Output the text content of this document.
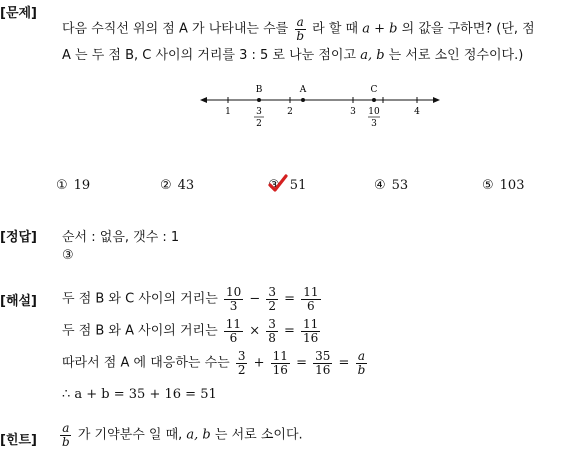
[문제]
다음 수직선 위의 점 A 가 나타내는 수를 $\frac{a}{b}$ 라 할 때 a + b 의 값을 구하면? (단, 점
A 는 두 점 B, C 사이의 거리를 3 : 5 로 나눈 점이고 a, b 는 서로 소인 정수이다.)
B	A	C
1	2	3	4
3
2
10
3
① 19	② 43	③ 51	④ 53	⑤ 103
[정답] 순서 : 없음, 갯수 : 1
③
[해설] 두 점 B 와 C 사이의 거리는 $\frac{10}{3} - \frac{3}{2} = \frac{11}{6}$
두 점 B 와 A 사이의 거리는 $\frac{11}{6} \times \frac{3}{8} = \frac{11}{16}$
따라서 점 A 에 대응하는 수는 $\frac{3}{2} + \frac{11}{16} = \frac{35}{16} = \frac{a}{b}$
∴ a + b = 35 + 16 = 51
[힌트] $\frac{a}{b}$ 가 기약분수 일 때, a, b 는 서로 소이다.
